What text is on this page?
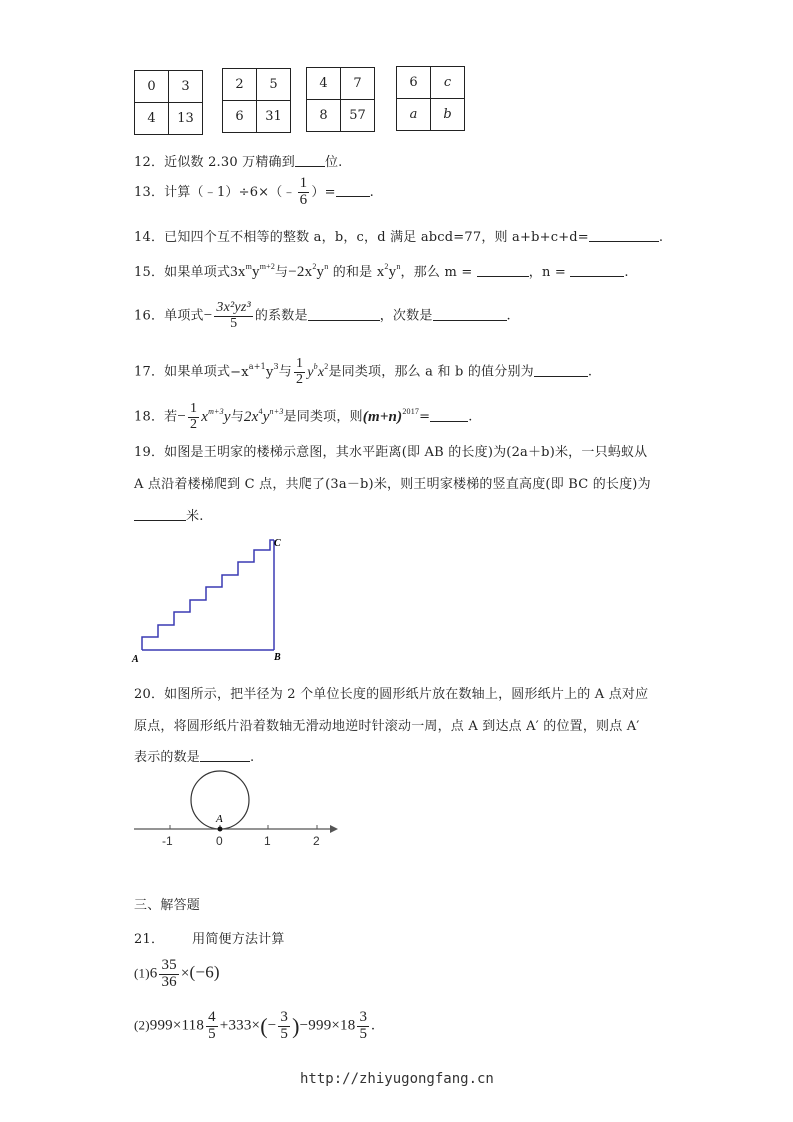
0	3
4	13
2	5
6	31
4	7
8	57
6	c
a	b
12．近似数 2.30 万精确到 位.
13．计算（﹣1）÷6×（﹣ $\frac{1}{6}$ ）=	.
14．已知四个互不相等的整数 a，b，c，d 满足 abcd=77，则 a+b+c+d=	.
15．如果单项式$3x^my^{m+2}$与$-2x^2y^n$ 的和是 $x^2y^n$，那么 m =	，n =	.
16．单项式− $\frac{\text{3x²yz³}}{5}$ 的系数是	，次数是	.
17．如果单项式$-x^{a+1}y^3$与 $\frac{1}{2} y^bx^2$是同类项，那么 a 和 b 的值分别为	.
18．若− $\frac{1}{2} x^{m+3}y$与$2x^4y^{n+3}$是同类项，则$(m+n)^{2017}=$	.
19．如图是王明家的楼梯示意图，其水平距离(即 AB 的长度)为(2a＋b)米，一只蚂蚁从
A 点沿着楼梯爬到 C 点，共爬了(3a－b)米，则王明家楼梯的竖直高度(即 BC 的长度)为
米.
A	B
C
20．如图所示，把半径为 2 个单位长度的圆形纸片放在数轴上，圆形纸片上的 A 点对应
原点，将圆形纸片沿着数轴无滑动地逆时针滚动一周，点 A 到达点 A′ 的位置，则点 A′
表示的数是	.
A
-1	0	1	2
三、解答题
21． 用简便方法计算
$(1)6 \frac{35}{36} \times(-6)$
$(2)999\times 118 \frac{4}{5} +333\times(- \frac{3}{5} )-999\times 18 \frac{3}{5}$ .
http://zhiyugongfang.cn
